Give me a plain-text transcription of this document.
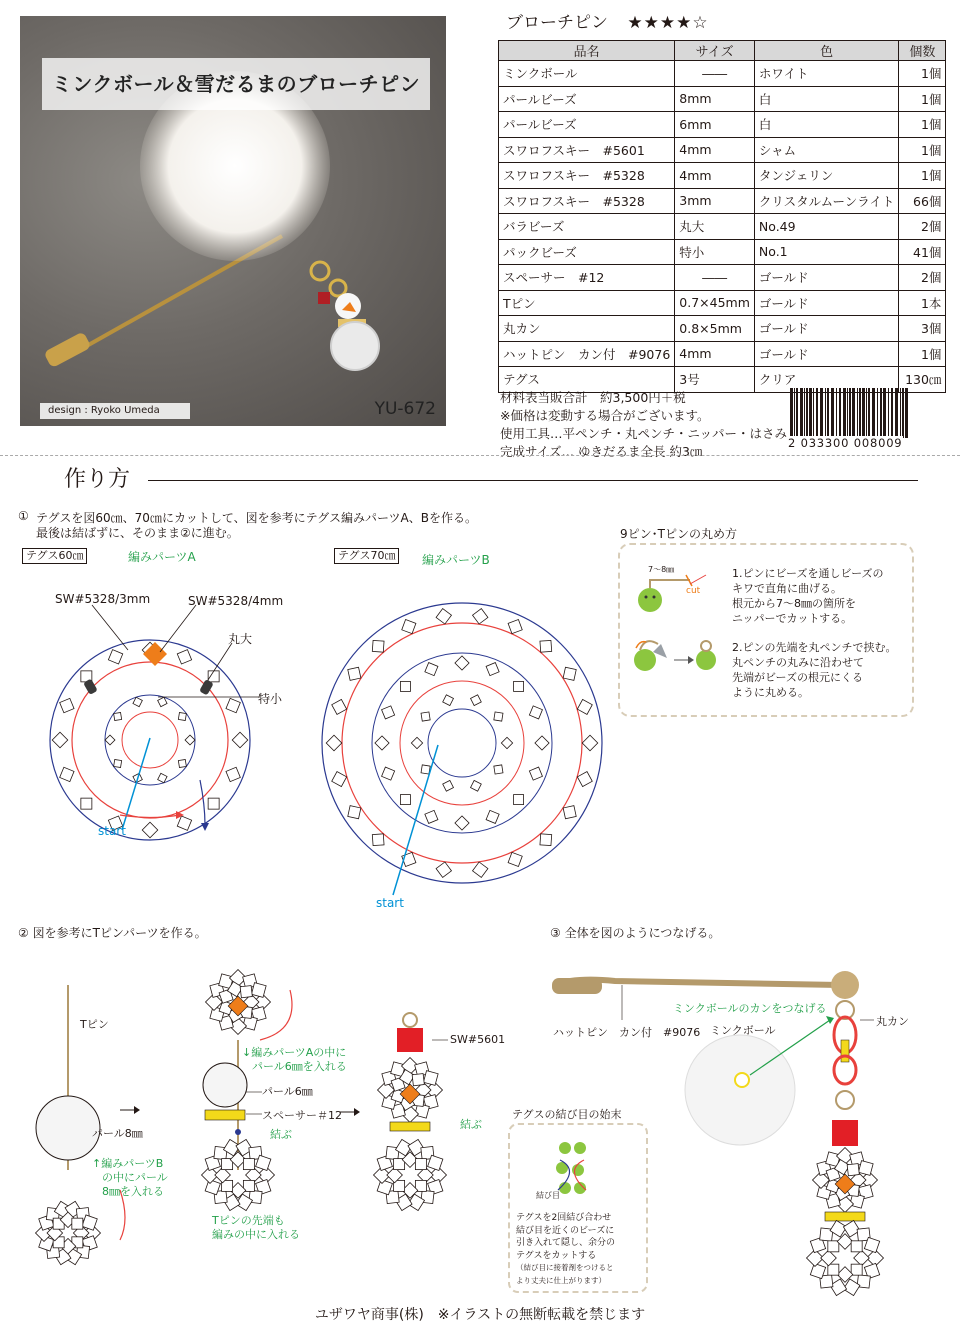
ミンクボール＆雪だるまのブローチピン
design : Ryoko Umeda	YU-672
ブローチピン ★★★★☆
品名	サイズ	色	個数
ミンクボール	――	ホワイト	1個
パールビーズ	8mm	白	1個
パールビーズ	6mm	白	1個
スワロフスキー　#5601	4mm	シャム	1個
スワロフスキー　#5328	4mm	タンジェリン	1個
スワロフスキー　#5328	3mm	クリスタルムーンライト	66個
バラビーズ	丸大	No.49	2個
パックビーズ	特小	No.1	41個
スペーサー　#12	――	ゴールド	2個
Tピン	0.7×45mm	ゴールド	1本
丸カン	0.8×5mm	ゴールド	3個
ハットピン　カン付　#9076	4mm	ゴールド	1個
テグス	3号	クリア	130㎝
材料表当販合計　約3,500円＋税
※価格は変動する場合がございます。
使用工具…平ペンチ・丸ペンチ・ニッパー・はさみ
完成サイズ… ゆきだるま全長 約3㎝
2 033300 008009
作り方
① テグスを図60㎝、70㎝にカットして、図を参考にテグス編みパーツA、Bを作る。
最後は結ばずに、そのまま②に進む。
テグス60㎝	編みパーツA	テグス70㎝	編みパーツB
SW#5328/3mm	SW#5328/4mm
丸大
特小
start
start
9ピン･Tピンの丸め方
7～8㎜
cut
1.ピンにビーズを通しビーズの
キワで直角に曲げる。
根元から7～8㎜の箇所を
ニッパーでカットする。
2.ピンの先端を丸ペンチで挟む。
丸ペンチの丸みに沿わせて
先端がビーズの根元にくる
ように丸める。
② 図を参考にTピンパーツを作る。
Tピン
パール8㎜
↑編みパーツB
の中にパール
8㎜を入れる
↓編みパーツAの中に
パール6㎜を入れる
パール6㎜
スペーサー＃12
結ぶ
Tピンの先端も
編みの中に入れる
SW#5601
結ぶ
③ 全体を図のようにつなげる。
ハットピン　カン付　#9076
ミンクボールのカンをつなげる
ミンクボール
丸カン
テグスの結び目の始末
結び目
テグスを2回結び合わせ
結び目を近くのビーズに
引き入れて隠し、余分の
テグスをカットする
（結び目に接着剤をつけると
より丈夫に仕上がります）
ユザワヤ商事(株)　※イラストの無断転載を禁じます
